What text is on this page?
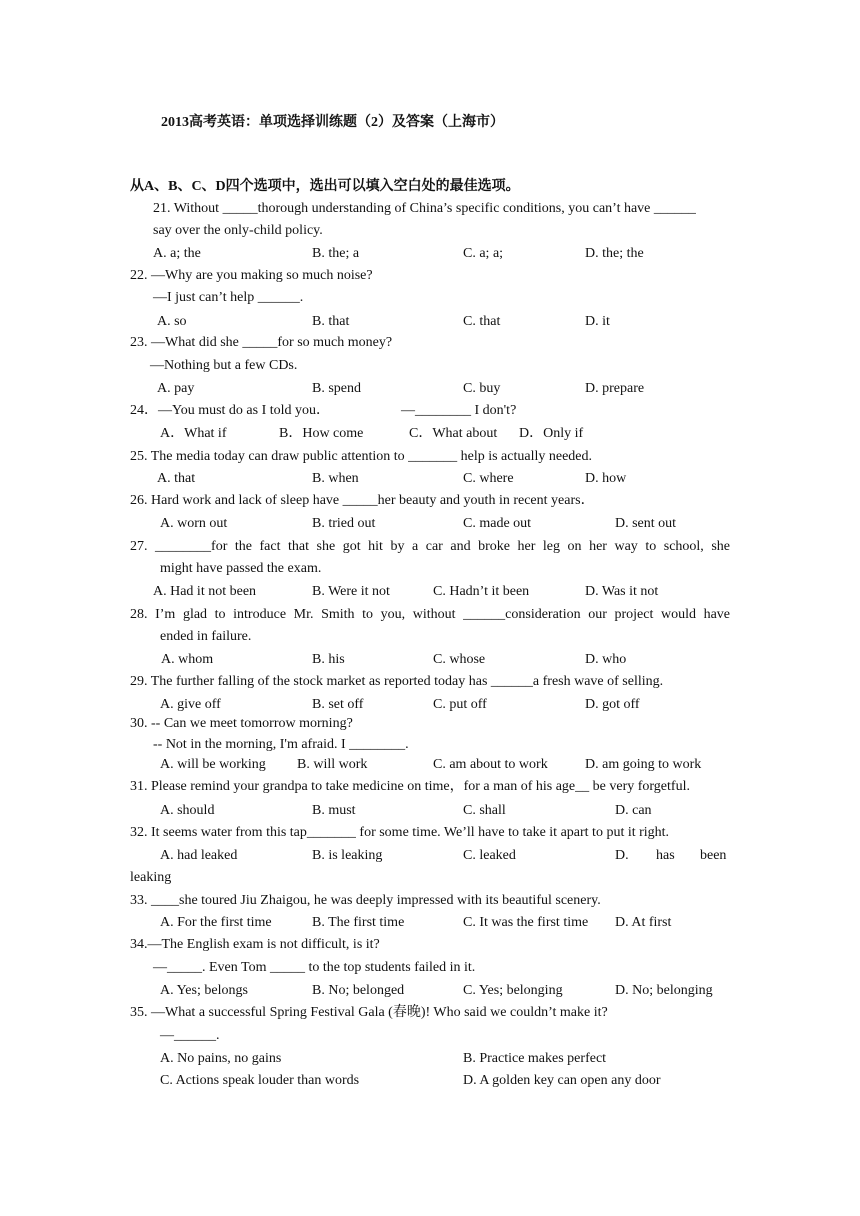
2013高考英语：单项选择训练题（2）及答案（上海市）
从A、B、C、D四个选项中，选出可以填入空白处的最佳选项。
21. Without _____thorough understanding of China’s specific conditions, you can’t have ______
say over the only-child policy.
A. a; the	B. the; a	C. a; a;	D. the; the
22. —Why are you making so much noise?
—I just can’t help ______.
A. so	B. that	C. that	D. it
23. —What did she _____for so much money?
—Nothing but a few CDs.
A. pay	B. spend	C. buy	D. prepare
24．—You must do as I told you．	—________ I don't?
A．What if	B．How come	C．What about D．Only if
25. The media today can draw public attention to _______ help is actually needed.
A. that	B. when	C. where	D. how
26. Hard work and lack of sleep have _____her beauty and youth in recent years．
A. worn out	B. tried out	C. made out	D. sent out
27. ________for the fact that she got hit by a car and broke her leg on her way to school, she
might have passed the exam.
A. Had it not been	B. Were it not	C. Hadn’t it been	D. Was it not
28. I’m glad to introduce Mr. Smith to you, without ______consideration our project would have
ended in failure.
A. whom	B. his	C. whose	D. who
29. The further falling of the stock market as reported today has ______a fresh wave of selling.
A. give off	B. set off	C. put off	D. got off
30. -- Can we meet tomorrow morning?
-- Not in the morning, I'm afraid. I ________.
A. will be working B. will work	C. am about to work	D. am going to work
31. Please remind your grandpa to take medicine on time，for a man of his age__ be very forgetful.
A. should	B. must	C. shall	D. can
32. It seems water from this tap_______ for some time. We’ll have to take it apart to put it right.
A. had leaked	B. is leaking	C. leaked	D. has been
leaking
33. ____she toured Jiu Zhaigou, he was deeply impressed with its beautiful scenery.
A. For the first time	B. The first time	C. It was the first time D. At first
34.—The English exam is not difficult, is it?
—_____. Even Tom _____ to the top students failed in it.
A. Yes; belongs	B. No; belonged	C. Yes; belonging	D. No; belonging
35. —What a successful Spring Festival Gala (春晚)! Who said we couldn’t make it?
—______.
A. No pains, no gains	B. Practice makes perfect
C. Actions speak louder than words	D. A golden key can open any door
